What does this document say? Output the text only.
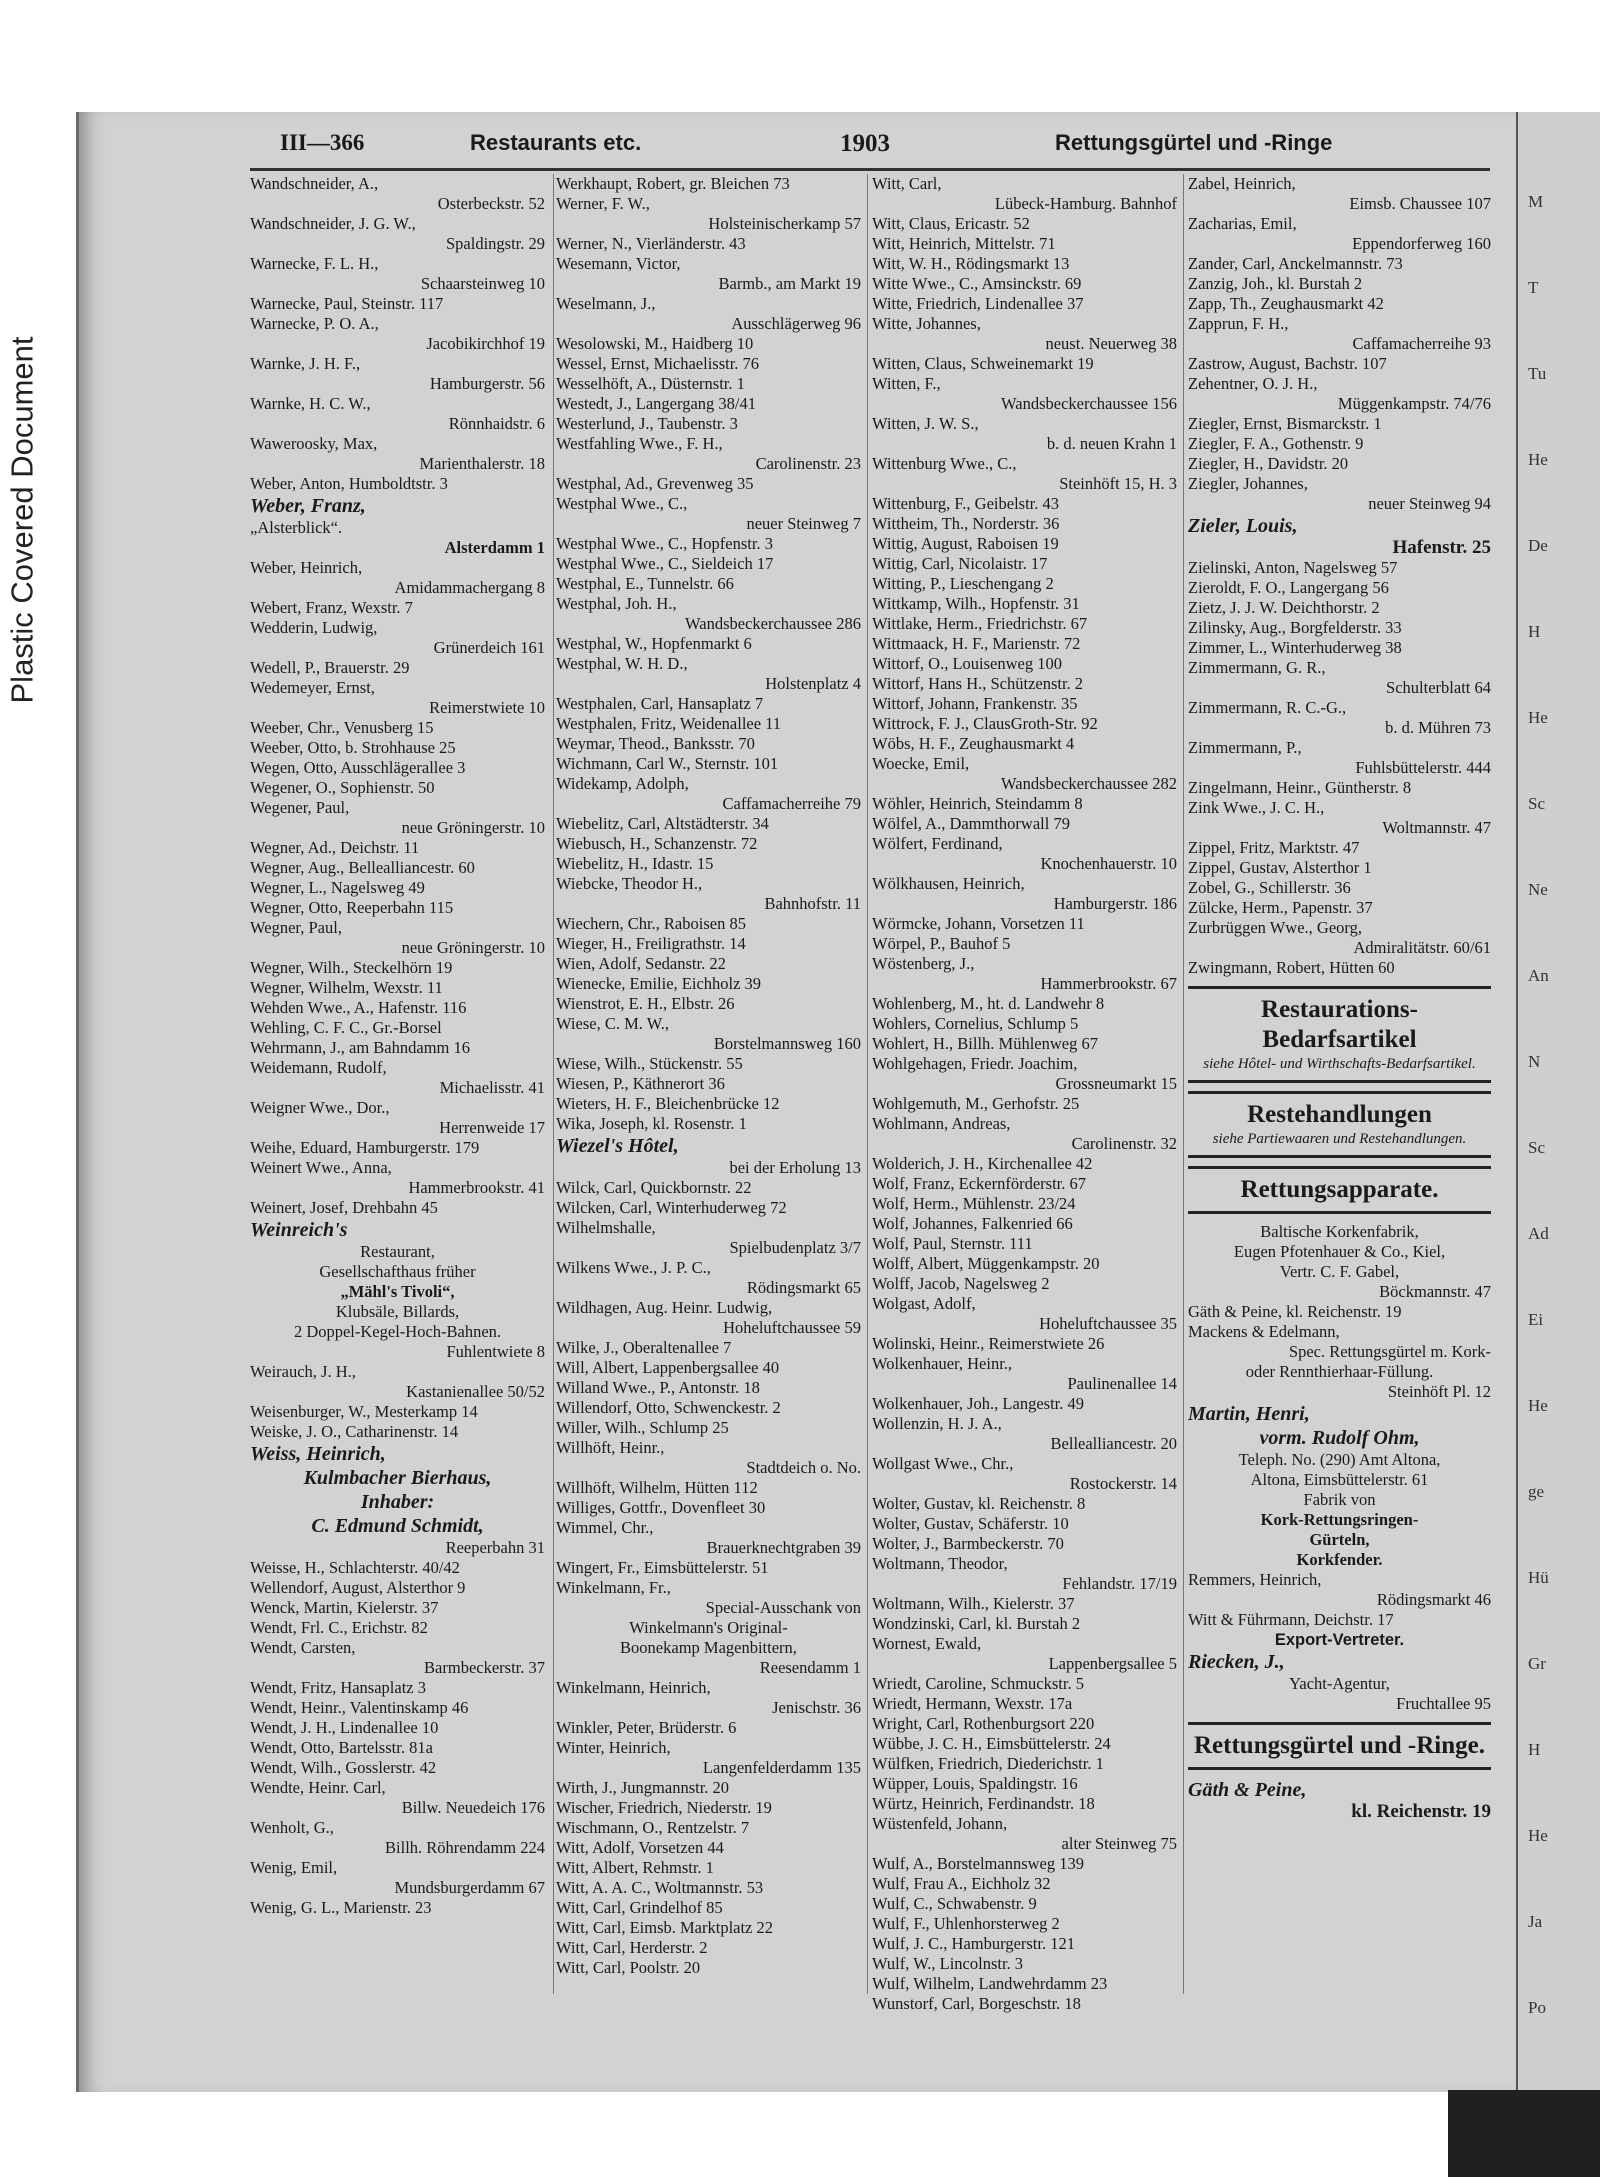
Plastic Covered Document
M
T
Tu
He
De
H
He
Sc
Ne
An
N
Sc
Ad
Ei
He
ge
Hü
Gr
H
He
Ja
Po
III—366	Restaurants etc.	1903	Rettungsgürtel und -Ringe
Wandschneider, A.,
Osterbeckstr. 52
Wandschneider, J. G. W.,
Spaldingstr. 29
Warnecke, F. L. H.,
Schaarsteinweg 10
Warnecke, Paul, Steinstr. 117
Warnecke, P. O. A.,
Jacobikirchhof 19
Warnke, J. H. F.,
Hamburgerstr. 56
Warnke, H. C. W.,
Rönnhaidstr. 6
Waweroosky, Max,
Marienthalerstr. 18
Weber, Anton, Humboldtstr. 3
Weber, Franz,
„Alsterblick“.
Alsterdamm 1
Weber, Heinrich,
Amidammachergang 8
Webert, Franz, Wexstr. 7
Wedderin, Ludwig,
Grünerdeich 161
Wedell, P., Brauerstr. 29
Wedemeyer, Ernst,
Reimerstwiete 10
Weeber, Chr., Venusberg 15
Weeber, Otto, b. Strohhause 25
Wegen, Otto, Ausschlägerallee 3
Wegener, O., Sophienstr. 50
Wegener, Paul,
neue Gröningerstr. 10
Wegner, Ad., Deichstr. 11
Wegner, Aug., Bellealliancestr. 60
Wegner, L., Nagelsweg 49
Wegner, Otto, Reeperbahn 115
Wegner, Paul,
neue Gröningerstr. 10
Wegner, Wilh., Steckelhörn 19
Wegner, Wilhelm, Wexstr. 11
Wehden Wwe., A., Hafenstr. 116
Wehling, C. F. C., Gr.-Borsel
Wehrmann, J., am Bahndamm 16
Weidemann, Rudolf,
Michaelisstr. 41
Weigner Wwe., Dor.,
Herrenweide 17
Weihe, Eduard, Hamburgerstr. 179
Weinert Wwe., Anna,
Hammerbrookstr. 41
Weinert, Josef, Drehbahn 45
Weinreich's
Restaurant,
Gesellschafthaus früher
„Mähl's Tivoli“,
Klubsäle, Billards,
2 Doppel-Kegel-Hoch-Bahnen.
Fuhlentwiete 8
Weirauch, J. H.,
Kastanienallee 50/52
Weisenburger, W., Mesterkamp 14
Weiske, J. O., Catharinenstr. 14
Weiss, Heinrich,
Kulmbacher Bierhaus,
Inhaber:
C. Edmund Schmidt,
Reeperbahn 31
Weisse, H., Schlachterstr. 40/42
Wellendorf, August, Alsterthor 9
Wenck, Martin, Kielerstr. 37
Wendt, Frl. C., Erichstr. 82
Wendt, Carsten,
Barmbeckerstr. 37
Wendt, Fritz, Hansaplatz 3
Wendt, Heinr., Valentinskamp 46
Wendt, J. H., Lindenallee 10
Wendt, Otto, Bartelsstr. 81a
Wendt, Wilh., Gosslerstr. 42
Wendte, Heinr. Carl,
Billw. Neuedeich 176
Wenholt, G.,
Billh. Röhrendamm 224
Wenig, Emil,
Mundsburgerdamm 67
Wenig, G. L., Marienstr. 23
Werkhaupt, Robert, gr. Bleichen 73
Werner, F. W.,
Holsteinischerkamp 57
Werner, N., Vierländerstr. 43
Wesemann, Victor,
Barmb., am Markt 19
Weselmann, J.,
Ausschlägerweg 96
Wesolowski, M., Haidberg 10
Wessel, Ernst, Michaelisstr. 76
Wesselhöft, A., Düsternstr. 1
Westedt, J., Langergang 38/41
Westerlund, J., Taubenstr. 3
Westfahling Wwe., F. H.,
Carolinenstr. 23
Westphal, Ad., Grevenweg 35
Westphal Wwe., C.,
neuer Steinweg 7
Westphal Wwe., C., Hopfenstr. 3
Westphal Wwe., C., Sieldeich 17
Westphal, E., Tunnelstr. 66
Westphal, Joh. H.,
Wandsbeckerchaussee 286
Westphal, W., Hopfenmarkt 6
Westphal, W. H. D.,
Holstenplatz 4
Westphalen, Carl, Hansaplatz 7
Westphalen, Fritz, Weidenallee 11
Weymar, Theod., Banksstr. 70
Wichmann, Carl W., Sternstr. 101
Widekamp, Adolph,
Caffamacherreihe 79
Wiebelitz, Carl, Altstädterstr. 34
Wiebusch, H., Schanzenstr. 72
Wiebelitz, H., Idastr. 15
Wiebcke, Theodor H.,
Bahnhofstr. 11
Wiechern, Chr., Raboisen 85
Wieger, H., Freiligrathstr. 14
Wien, Adolf, Sedanstr. 22
Wienecke, Emilie, Eichholz 39
Wienstrot, E. H., Elbstr. 26
Wiese, C. M. W.,
Borstelmannsweg 160
Wiese, Wilh., Stückenstr. 55
Wiesen, P., Käthnerort 36
Wieters, H. F., Bleichenbrücke 12
Wika, Joseph, kl. Rosenstr. 1
Wiezel's Hôtel,
bei der Erholung 13
Wilck, Carl, Quickbornstr. 22
Wilcken, Carl, Winterhuderweg 72
Wilhelmshalle,
Spielbudenplatz 3/7
Wilkens Wwe., J. P. C.,
Rödingsmarkt 65
Wildhagen, Aug. Heinr. Ludwig,
Hoheluftchaussee 59
Wilke, J., Oberaltenallee 7
Will, Albert, Lappenbergsallee 40
Willand Wwe., P., Antonstr. 18
Willendorf, Otto, Schwenckestr. 2
Willer, Wilh., Schlump 25
Willhöft, Heinr.,
Stadtdeich o. No.
Willhöft, Wilhelm, Hütten 112
Williges, Gottfr., Dovenfleet 30
Wimmel, Chr.,
Brauerknechtgraben 39
Wingert, Fr., Eimsbüttelerstr. 51
Winkelmann, Fr.,
Special-Ausschank von
Winkelmann's Original-
Boonekamp Magenbittern,
Reesendamm 1
Winkelmann, Heinrich,
Jenischstr. 36
Winkler, Peter, Brüderstr. 6
Winter, Heinrich,
Langenfelderdamm 135
Wirth, J., Jungmannstr. 20
Wischer, Friedrich, Niederstr. 19
Wischmann, O., Rentzelstr. 7
Witt, Adolf, Vorsetzen 44
Witt, Albert, Rehmstr. 1
Witt, A. A. C., Woltmannstr. 53
Witt, Carl, Grindelhof 85
Witt, Carl, Eimsb. Marktplatz 22
Witt, Carl, Herderstr. 2
Witt, Carl, Poolstr. 20
Witt, Carl,
Lübeck-Hamburg. Bahnhof
Witt, Claus, Ericastr. 52
Witt, Heinrich, Mittelstr. 71
Witt, W. H., Rödingsmarkt 13
Witte Wwe., C., Amsinckstr. 69
Witte, Friedrich, Lindenallee 37
Witte, Johannes,
neust. Neuerweg 38
Witten, Claus, Schweinemarkt 19
Witten, F.,
Wandsbeckerchaussee 156
Witten, J. W. S.,
b. d. neuen Krahn 1
Wittenburg Wwe., C.,
Steinhöft 15, H. 3
Wittenburg, F., Geibelstr. 43
Wittheim, Th., Norderstr. 36
Wittig, August, Raboisen 19
Wittig, Carl, Nicolaistr. 17
Witting, P., Lieschengang 2
Wittkamp, Wilh., Hopfenstr. 31
Wittlake, Herm., Friedrichstr. 67
Wittmaack, H. F., Marienstr. 72
Wittorf, O., Louisenweg 100
Wittorf, Hans H., Schützenstr. 2
Wittorf, Johann, Frankenstr. 35
Wittrock, F. J., ClausGroth-Str. 92
Wöbs, H. F., Zeughausmarkt 4
Woecke, Emil,
Wandsbeckerchaussee 282
Wöhler, Heinrich, Steindamm 8
Wölfel, A., Dammthorwall 79
Wölfert, Ferdinand,
Knochenhauerstr. 10
Wölkhausen, Heinrich,
Hamburgerstr. 186
Wörmcke, Johann, Vorsetzen 11
Wörpel, P., Bauhof 5
Wöstenberg, J.,
Hammerbrookstr. 67
Wohlenberg, M., ht. d. Landwehr 8
Wohlers, Cornelius, Schlump 5
Wohlert, H., Billh. Mühlenweg 67
Wohlgehagen, Friedr. Joachim,
Grossneumarkt 15
Wohlgemuth, M., Gerhofstr. 25
Wohlmann, Andreas,
Carolinenstr. 32
Wolderich, J. H., Kirchenallee 42
Wolf, Franz, Eckernförderstr. 67
Wolf, Herm., Mühlenstr. 23/24
Wolf, Johannes, Falkenried 66
Wolf, Paul, Sternstr. 111
Wolff, Albert, Müggenkampstr. 20
Wolff, Jacob, Nagelsweg 2
Wolgast, Adolf,
Hoheluftchaussee 35
Wolinski, Heinr., Reimerstwiete 26
Wolkenhauer, Heinr.,
Paulinenallee 14
Wolkenhauer, Joh., Langestr. 49
Wollenzin, H. J. A.,
Bellealliancestr. 20
Wollgast Wwe., Chr.,
Rostockerstr. 14
Wolter, Gustav, kl. Reichenstr. 8
Wolter, Gustav, Schäferstr. 10
Wolter, J., Barmbeckerstr. 70
Woltmann, Theodor,
Fehlandstr. 17/19
Woltmann, Wilh., Kielerstr. 37
Wondzinski, Carl, kl. Burstah 2
Wornest, Ewald,
Lappenbergsallee 5
Wriedt, Caroline, Schmuckstr. 5
Wriedt, Hermann, Wexstr. 17a
Wright, Carl, Rothenburgsort 220
Wübbe, J. C. H., Eimsbüttelerstr. 24
Wülfken, Friedrich, Diederichstr. 1
Wüpper, Louis, Spaldingstr. 16
Würtz, Heinrich, Ferdinandstr. 18
Wüstenfeld, Johann,
alter Steinweg 75
Wulf, A., Borstelmannsweg 139
Wulf, Frau A., Eichholz 32
Wulf, C., Schwabenstr. 9
Wulf, F., Uhlenhorsterweg 2
Wulf, J. C., Hamburgerstr. 121
Wulf, W., Lincolnstr. 3
Wulf, Wilhelm, Landwehrdamm 23
Wunstorf, Carl, Borgeschstr. 18
Zabel, Heinrich,
Eimsb. Chaussee 107
Zacharias, Emil,
Eppendorferweg 160
Zander, Carl, Anckelmannstr. 73
Zanzig, Joh., kl. Burstah 2
Zapp, Th., Zeughausmarkt 42
Zapprun, F. H.,
Caffamacherreihe 93
Zastrow, August, Bachstr. 107
Zehentner, O. J. H.,
Müggenkampstr. 74/76
Ziegler, Ernst, Bismarckstr. 1
Ziegler, F. A., Gothenstr. 9
Ziegler, H., Davidstr. 20
Ziegler, Johannes,
neuer Steinweg 94
Zieler, Louis,
Hafenstr. 25
Zielinski, Anton, Nagelsweg 57
Zieroldt, F. O., Langergang 56
Zietz, J. J. W. Deichthorstr. 2
Zilinsky, Aug., Borgfelderstr. 33
Zimmer, L., Winterhuderweg 38
Zimmermann, G. R.,
Schulterblatt 64
Zimmermann, R. C.-G.,
b. d. Mühren 73
Zimmermann, P.,
Fuhlsbüttelerstr. 444
Zingelmann, Heinr., Güntherstr. 8
Zink Wwe., J. C. H.,
Woltmannstr. 47
Zippel, Fritz, Marktstr. 47
Zippel, Gustav, Alsterthor 1
Zobel, G., Schillerstr. 36
Zülcke, Herm., Papenstr. 37
Zurbrüggen Wwe., Georg,
Admiralitätstr. 60/61
Zwingmann, Robert, Hütten 60
Restaurations-Bedarfsartikel
siehe Hôtel- und Wirthschafts-Bedarfsartikel.
Restehandlungen
siehe Partiewaaren und Restehandlungen.
Rettungsapparate.
Baltische Korkenfabrik,
Eugen Pfotenhauer & Co., Kiel,
Vertr. C. F. Gabel,
Böckmannstr. 47
Gäth & Peine, kl. Reichenstr. 19
Mackens & Edelmann,
Spec. Rettungsgürtel m. Kork-
oder Rennthierhaar-Füllung.
Steinhöft Pl. 12
Martin, Henri,
vorm. Rudolf Ohm,
Teleph. No. (290) Amt Altona,
Altona, Eimsbüttelerstr. 61
Fabrik von
Kork-Rettungsringen-
Gürteln,
Korkfender.
Remmers, Heinrich,
Rödingsmarkt 46
Witt & Führmann, Deichstr. 17
Export-Vertreter.
Riecken, J.,
Yacht-Agentur,
Fruchtallee 95
Rettungsgürtel und -Ringe.
Gäth & Peine,
kl. Reichenstr. 19
